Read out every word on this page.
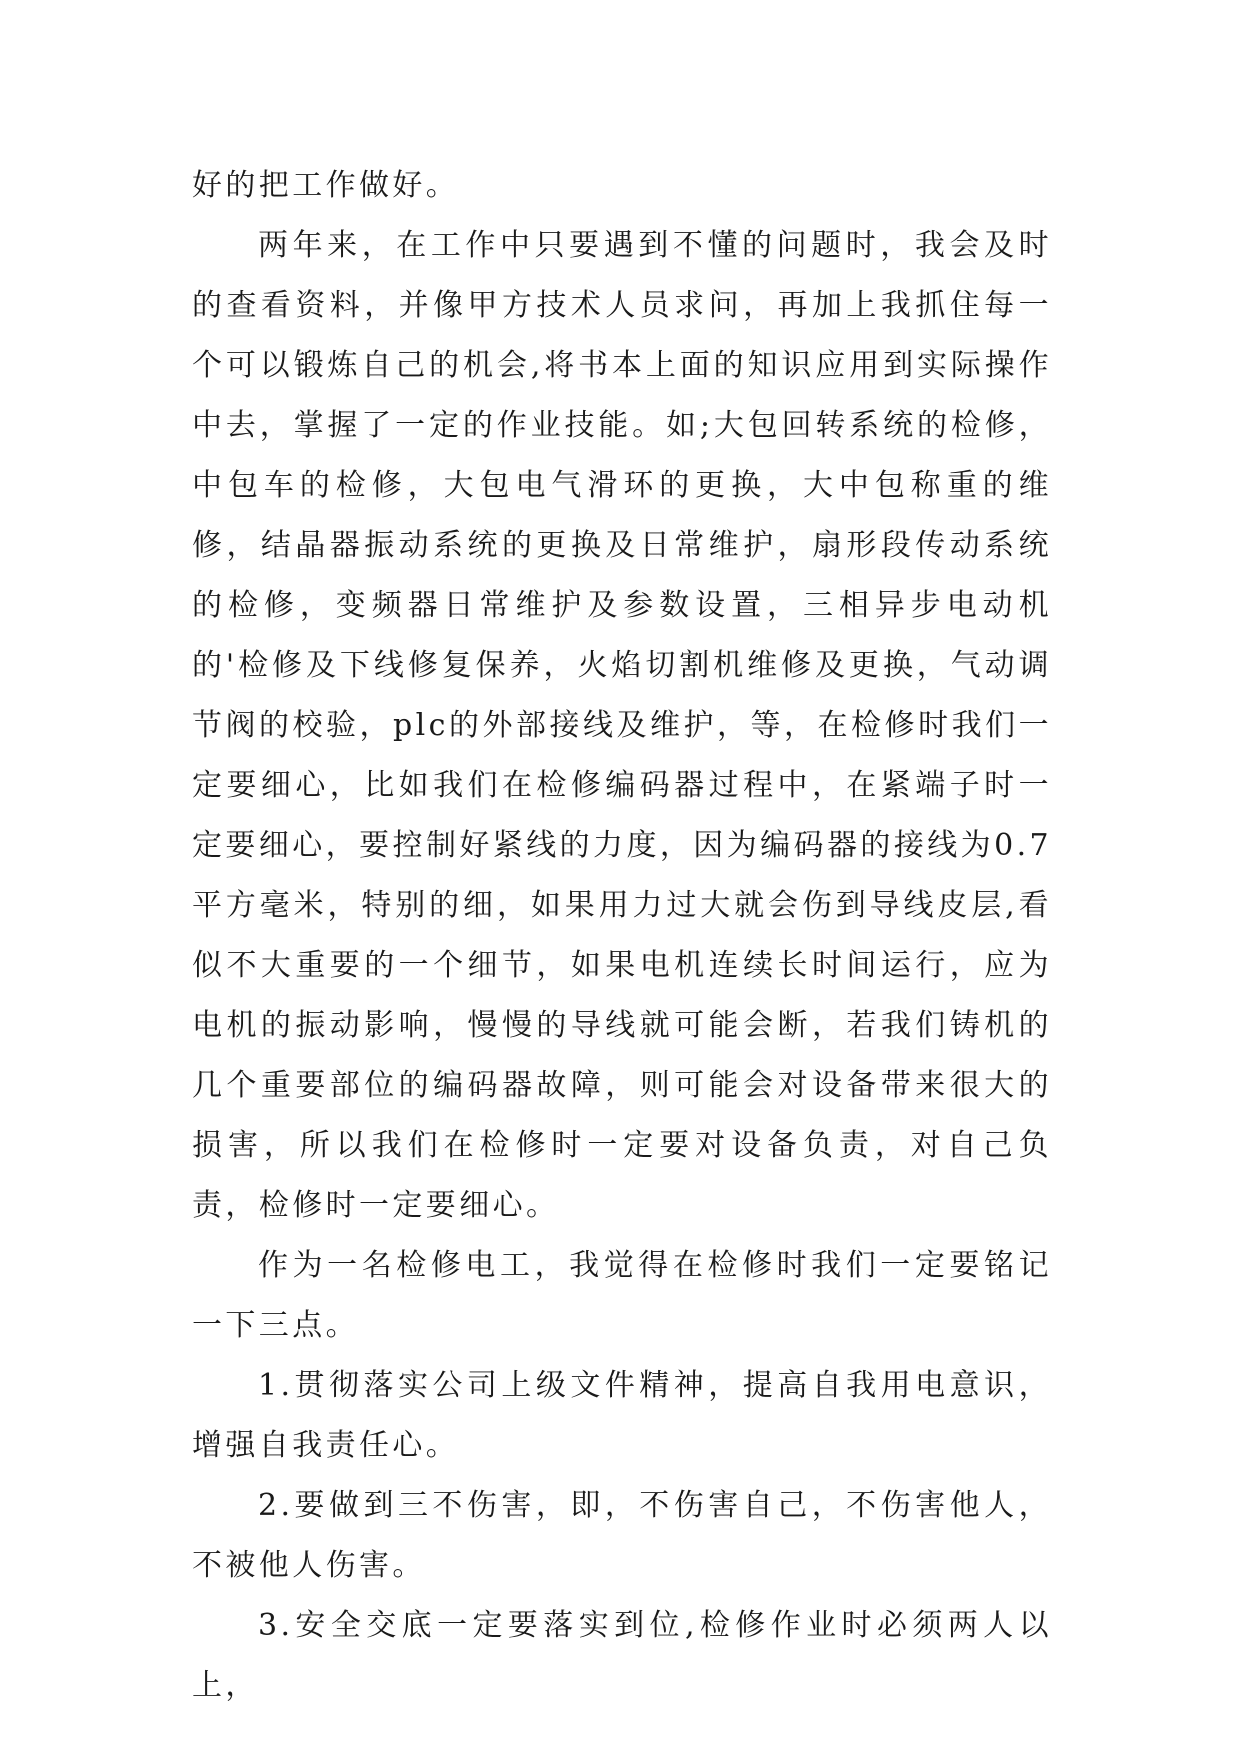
好的把工作做好。

两年来，在工作中只要遇到不懂的问题时，我会及时的查看资料，并像甲方技术人员求问，再加上我抓住每一个可以锻炼自己的机会,将书本上面的知识应用到实际操作中去，掌握了一定的作业技能。如;大包回转系统的检修，中包车的检修，大包电气滑环的更换，大中包称重的维修，结晶器振动系统的更换及日常维护，扇形段传动系统的检修，变频器日常维护及参数设置，三相异步电动机的'检修及下线修复保养，火焰切割机维修及更换，气动调节阀的校验，plc的外部接线及维护，等，在检修时我们一定要细心，比如我们在检修编码器过程中，在紧端子时一定要细心，要控制好紧线的力度，因为编码器的接线为0.7平方毫米，特别的细，如果用力过大就会伤到导线皮层,看似不大重要的一个细节，如果电机连续长时间运行，应为电机的振动影响，慢慢的导线就可能会断，若我们铸机的几个重要部位的编码器故障，则可能会对设备带来很大的损害，所以我们在检修时一定要对设备负责，对自己负责，检修时一定要细心。

作为一名检修电工，我觉得在检修时我们一定要铭记一下三点。

1.贯彻落实公司上级文件精神，提高自我用电意识，增强自我责任心。

2.要做到三不伤害，即，不伤害自己，不伤害他人，不被他人伤害。

3.安全交底一定要落实到位,检修作业时必须两人以上，
